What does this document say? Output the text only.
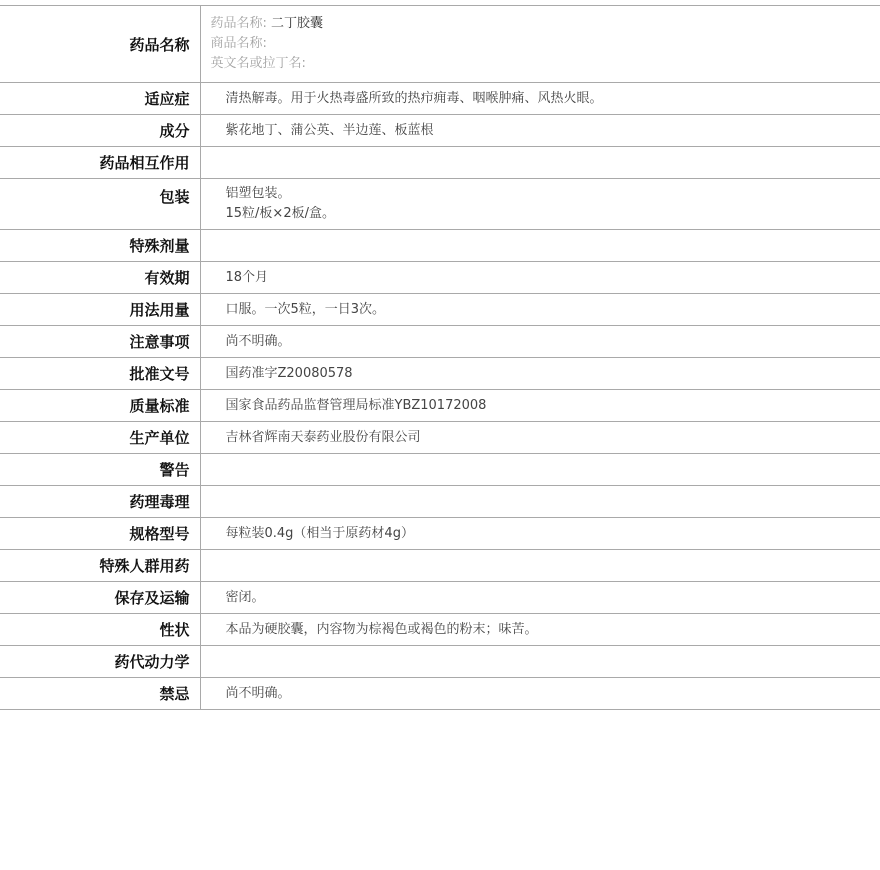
药品名称	药品名称: 二丁胶囊
商品名称:
英文名或拉丁名:

适应症	清热解毒。用于火热毒盛所致的热疖痈毒、咽喉肿痛、风热火眼。
成分	紫花地丁、蒲公英、半边莲、板蓝根
药品相互作用	
包装	铝塑包装。
15粒/板×2板/盒。

特殊剂量	
有效期	18个月
用法用量	口服。一次5粒，一日3次。
注意事项	尚不明确。
批准文号	国药准字Z20080578
质量标准	国家食品药品监督管理局标准YBZ10172008
生产单位	吉林省辉南天泰药业股份有限公司
警告	
药理毒理	
规格型号	每粒装0.4g（相当于原药材4g）
特殊人群用药	
保存及运输	密闭。
性状	本品为硬胶囊，内容物为棕褐色或褐色的粉末；味苦。
药代动力学	
禁忌	尚不明确。
